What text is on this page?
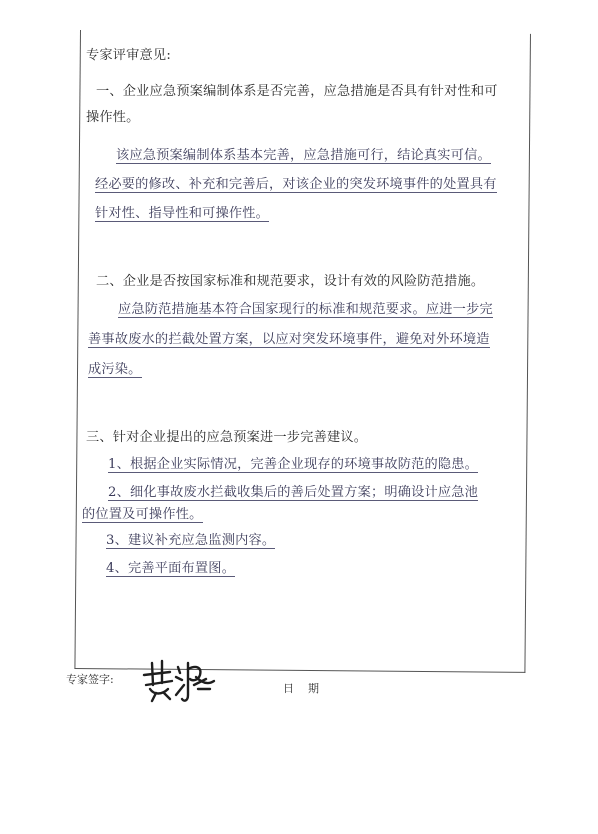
专家评审意见:
一、企业应急预案编制体系是否完善，应急措施是否具有针对性和可
操作性。
该应急预案编制体系基本完善，应急措施可行，结论真实可信。
经必要的修改、补充和完善后，对该企业的突发环境事件的处置具有
针对性、指导性和可操作性。
二、企业是否按国家标准和规范要求，设计有效的风险防范措施。
应急防范措施基本符合国家现行的标准和规范要求。应进一步完
善事故废水的拦截处置方案，以应对突发环境事件，避免对外环境造
成污染。
三、针对企业提出的应急预案进一步完善建议。
1、根据企业实际情况，完善企业现存的环境事故防范的隐患。
2、细化事故废水拦截收集后的善后处置方案；明确设计应急池
的位置及可操作性。
3、建议补充应急监测内容。
4、完善平面布置图。
专家签字:
日期
